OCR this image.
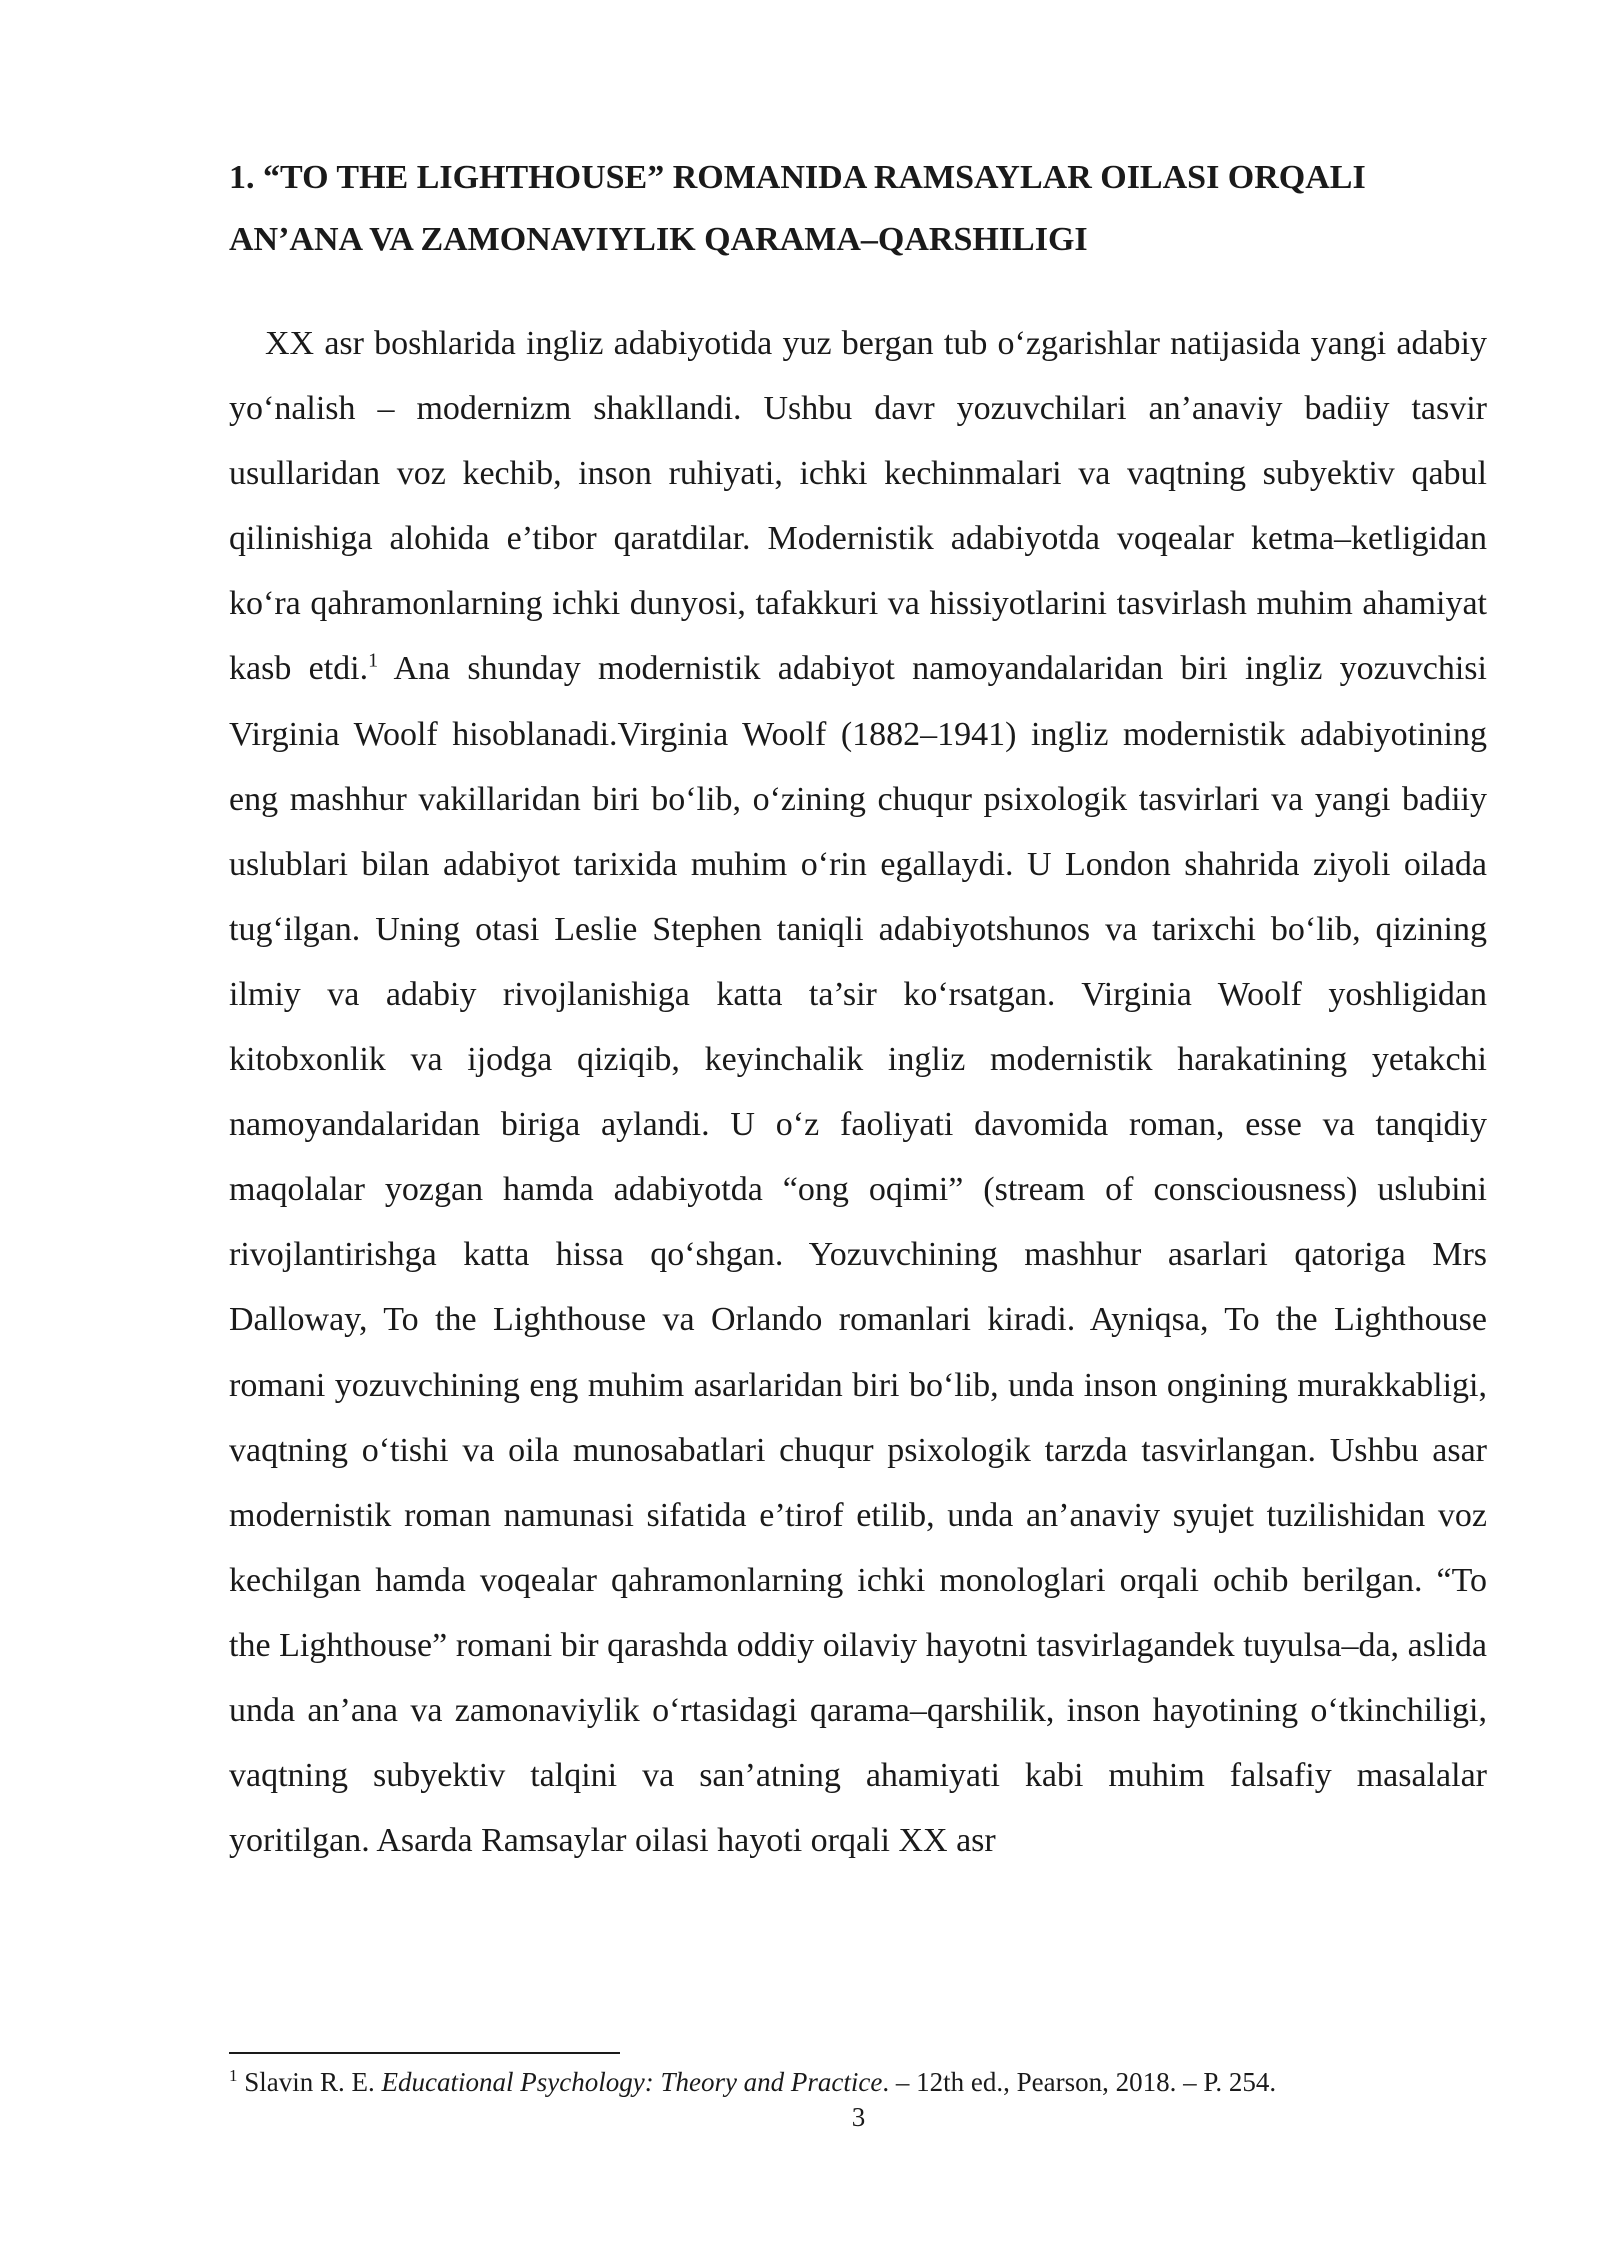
1. “TO THE LIGHTHOUSE” ROMANIDA RAMSAYLAR OILASI ORQALI
AN’ANA VA ZAMONAVIYLIK QARAMA–QARSHILIGI

XX asr boshlarida ingliz adabiyotida yuz bergan tub o‘zgarishlar natijasida yangi adabiy yo‘nalish – modernizm shakllandi. Ushbu davr yozuvchilari an’anaviy badiiy tasvir usullaridan voz kechib, inson ruhiyati, ichki kechinmalari va vaqtning subyektiv qabul qilinishiga alohida e’tibor qaratdilar. Modernistik adabiyotda voqealar ketma–ketligidan ko‘ra qahramonlarning ichki dunyosi, tafakkuri va hissiyotlarini tasvirlash muhim ahamiyat kasb etdi.$^1$ Ana shunday modernistik adabiyot namoyandalaridan biri ingliz yozuvchisi Virginia Woolf hisoblanadi.Virginia Woolf (1882–1941) ingliz modernistik adabiyotining eng mashhur vakillaridan biri bo‘lib, o‘zining chuqur psixologik tasvirlari va yangi badiiy uslublari bilan adabiyot tarixida muhim o‘rin egallaydi. U London shahrida ziyoli oilada tug‘ilgan. Uning otasi Leslie Stephen taniqli adabiyotshunos va tarixchi bo‘lib, qizining ilmiy va adabiy rivojlanishiga katta ta’sir ko‘rsatgan. Virginia Woolf yoshligidan kitobxonlik va ijodga qiziqib, keyinchalik ingliz modernistik harakatining yetakchi namoyandalaridan biriga aylandi. U o‘z faoliyati davomida roman, esse va tanqidiy maqolalar yozgan hamda adabiyotda “ong oqimi” (stream of consciousness) uslubini rivojlantirishga katta hissa qo‘shgan. Yozuvchining mashhur asarlari qatoriga Mrs Dalloway, To the Lighthouse va Orlando romanlari kiradi. Ayniqsa, To the Lighthouse romani yozuvchining eng muhim asarlaridan biri bo‘lib, unda inson ongining murakkabligi, vaqtning o‘tishi va oila munosabatlari chuqur psixologik tarzda tasvirlangan. Ushbu asar modernistik roman namunasi sifatida e’tirof etilib, unda an’anaviy syujet tuzilishidan voz kechilgan hamda voqealar qahramonlarning ichki monologlari orqali ochib berilgan. “To the Lighthouse” romani bir qarashda oddiy oilaviy hayotni tasvirlagandek tuyulsa–da, aslida unda an’ana va zamonaviylik o‘rtasidagi qarama–qarshilik, inson hayotining o‘tkinchiligi, vaqtning subyektiv talqini va san’atning ahamiyati kabi muhim falsafiy masalalar yoritilgan. Asarda Ramsaylar oilasi hayoti orqali XX asr

$^1$ Slavin R. E. Educational Psychology: Theory and Practice. – 12th ed., Pearson, 2018. – P. 254.

3
